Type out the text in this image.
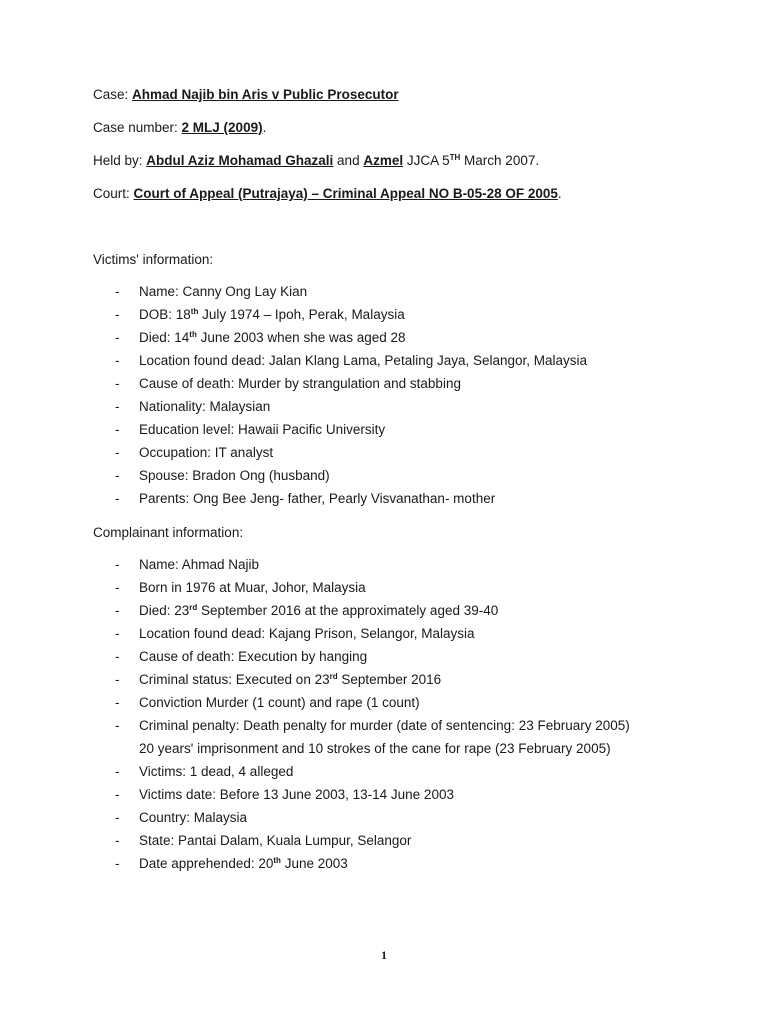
Case: Ahmad Najib bin Aris v Public Prosecutor
Case number: 2 MLJ (2009).
Held by: Abdul Aziz Mohamad Ghazali and Azmel JJCA 5TH March 2007.
Court: Court of Appeal (Putrajaya) – Criminal Appeal NO B-05-28 OF 2005.
Victims' information:
- Name: Canny Ong Lay Kian
- DOB: 18th July 1974 – Ipoh, Perak, Malaysia
- Died: 14th June 2003 when she was aged 28
- Location found dead: Jalan Klang Lama, Petaling Jaya, Selangor, Malaysia
- Cause of death: Murder by strangulation and stabbing
- Nationality: Malaysian
- Education level: Hawaii Pacific University
- Occupation: IT analyst
- Spouse: Bradon Ong (husband)
- Parents: Ong Bee Jeng- father, Pearly Visvanathan- mother
Complainant information:
- Name: Ahmad Najib
- Born in 1976 at Muar, Johor, Malaysia
- Died: 23rd September 2016 at the approximately aged 39-40
- Location found dead: Kajang Prison, Selangor, Malaysia
- Cause of death: Execution by hanging
- Criminal status: Executed on 23rd September 2016
- Conviction Murder (1 count) and rape (1 count)
- Criminal penalty: Death penalty for murder (date of sentencing: 23 February 2005)
20 years' imprisonment and 10 strokes of the cane for rape (23 February 2005)
- Victims: 1 dead, 4 alleged
- Victims date: Before 13 June 2003, 13-14 June 2003
- Country: Malaysia
- State: Pantai Dalam, Kuala Lumpur, Selangor
- Date apprehended: 20th June 2003
1
